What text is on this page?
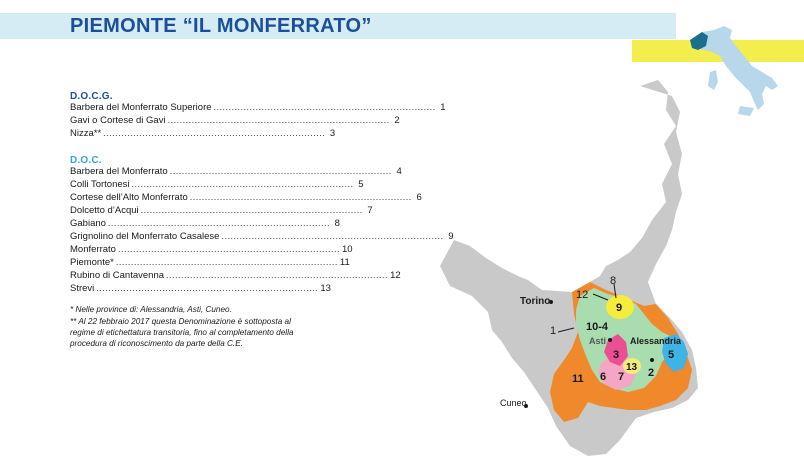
PIEMONTE “IL MONFERRATO”
D.O.C.G.
Barbera del Monferrato Superiore .......................................................................... 1
Gavi o Cortese di Gavi .......................................................................... 2
Nizza** .......................................................................... 3
D.O.C.
Barbera del Monferrato .......................................................................... 4
Colli Tortonesi .......................................................................... 5
Cortese dell’Alto Monferrato .......................................................................... 6
Dolcetto d’Acqui .......................................................................... 7
Gabiano .......................................................................... 8
Grignolino del Monferrato Casalese .......................................................................... 9
Monferrato .......................................................................... 10
Piemonte* .......................................................................... 11
Rubino di Cantavenna .......................................................................... 12
Strevi .......................................................................... 13

* Nelle province di: Alessandria, Asti, Cuneo.

** Al 22 febbraio 2017 questa Denominazione è sottoposta al regime di etichettatura transitoria, fino al completamento della procedura di riconoscimento da parte della C.E.

Torino
Asti	Alessandria
Cuneo
1
12
8
9
10-4
3
13
6 7 2
5
11
